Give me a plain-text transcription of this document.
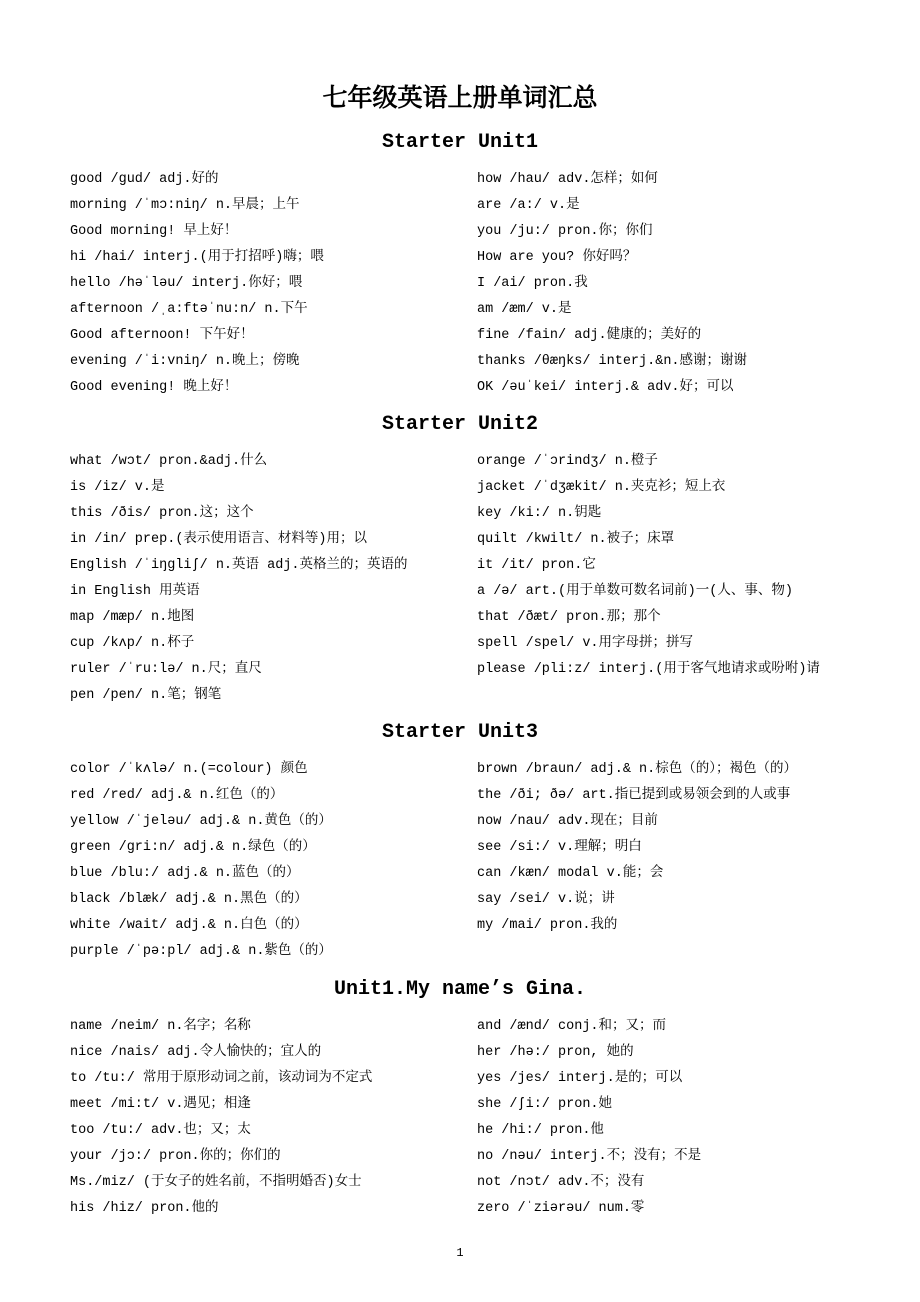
七年级英语上册单词汇总
Starter Unit1
good /gud/ adj.好的
morning /ˈmɔ:niŋ/ n.早晨；上午
Good morning! 早上好！
hi /hai/ interj.(用于打招呼)嗨；喂
hello /həˈləu/ interj.你好；喂
afternoon /ˌa:ftəˈnu:n/ n.下午
Good afternoon! 下午好！
evening /ˈi:vniŋ/ n.晚上；傍晚
Good evening! 晚上好！
how /hau/ adv.怎样；如何
are /a:/ v.是
you /ju:/ pron.你；你们
How are you? 你好吗？
I /ai/ pron.我
am /æm/ v.是
fine /fain/ adj.健康的；美好的
thanks /θæŋks/ interj.&n.感谢；谢谢
OK /əuˈkei/ interj.& adv.好；可以
Starter Unit2
what /wɔt/ pron.&adj.什么
is /iz/ v.是
this /ðis/ pron.这；这个
in /in/ prep.(表示使用语言、材料等)用；以
English /ˈiŋgliʃ/ n.英语 adj.英格兰的；英语的
in English 用英语
map /mæp/ n.地图
cup /kʌp/ n.杯子
ruler /ˈru:lə/ n.尺；直尺
pen /pen/ n.笔；钢笔
orange /ˈɔrindʒ/ n.橙子
jacket /ˈdʒækit/ n.夹克衫；短上衣
key /ki:/ n.钥匙
quilt /kwilt/ n.被子；床罩
it /it/ pron.它
a /ə/ art.(用于单数可数名词前)一(人、事、物)
that /ðæt/ pron.那；那个
spell /spel/ v.用字母拼；拼写
please /pli:z/ interj.(用于客气地请求或吩咐)请
Starter Unit3
color /ˈkʌlə/ n.(=colour) 颜色
red /red/ adj.& n.红色（的）
yellow /ˈjeləu/ adj.& n.黄色（的）
green /gri:n/ adj.& n.绿色（的）
blue /blu:/ adj.& n.蓝色（的）
black /blæk/ adj.& n.黑色（的）
white /wait/ adj.& n.白色（的）
purple /ˈpə:pl/ adj.& n.紫色（的）
brown /braun/ adj.& n.棕色（的）；褐色（的）
the /ði; ðə/ art.指已提到或易领会到的人或事
now /nau/ adv.现在；目前
see /si:/ v.理解；明白
can /kæn/ modal v.能；会
say /sei/ v.说；讲
my /mai/ pron.我的
Unit1.My name’s Gina.
name /neim/ n.名字；名称
nice /nais/ adj.令人愉快的；宜人的
to /tu:/ 常用于原形动词之前，该动词为不定式
meet /mi:t/ v.遇见；相逢
too /tu:/ adv.也；又；太
your /jɔ:/ pron.你的；你们的
Ms./miz/ (于女子的姓名前，不指明婚否)女士
his /hiz/ pron.他的
and /ænd/ conj.和；又；而
her /hə:/ pron, 她的
yes /jes/ interj.是的；可以
she /ʃi:/ pron.她
he /hi:/ pron.他
no /nəu/ interj.不；没有；不是
not /nɔt/ adv.不；没有
zero /ˈziərəu/ num.零
1
